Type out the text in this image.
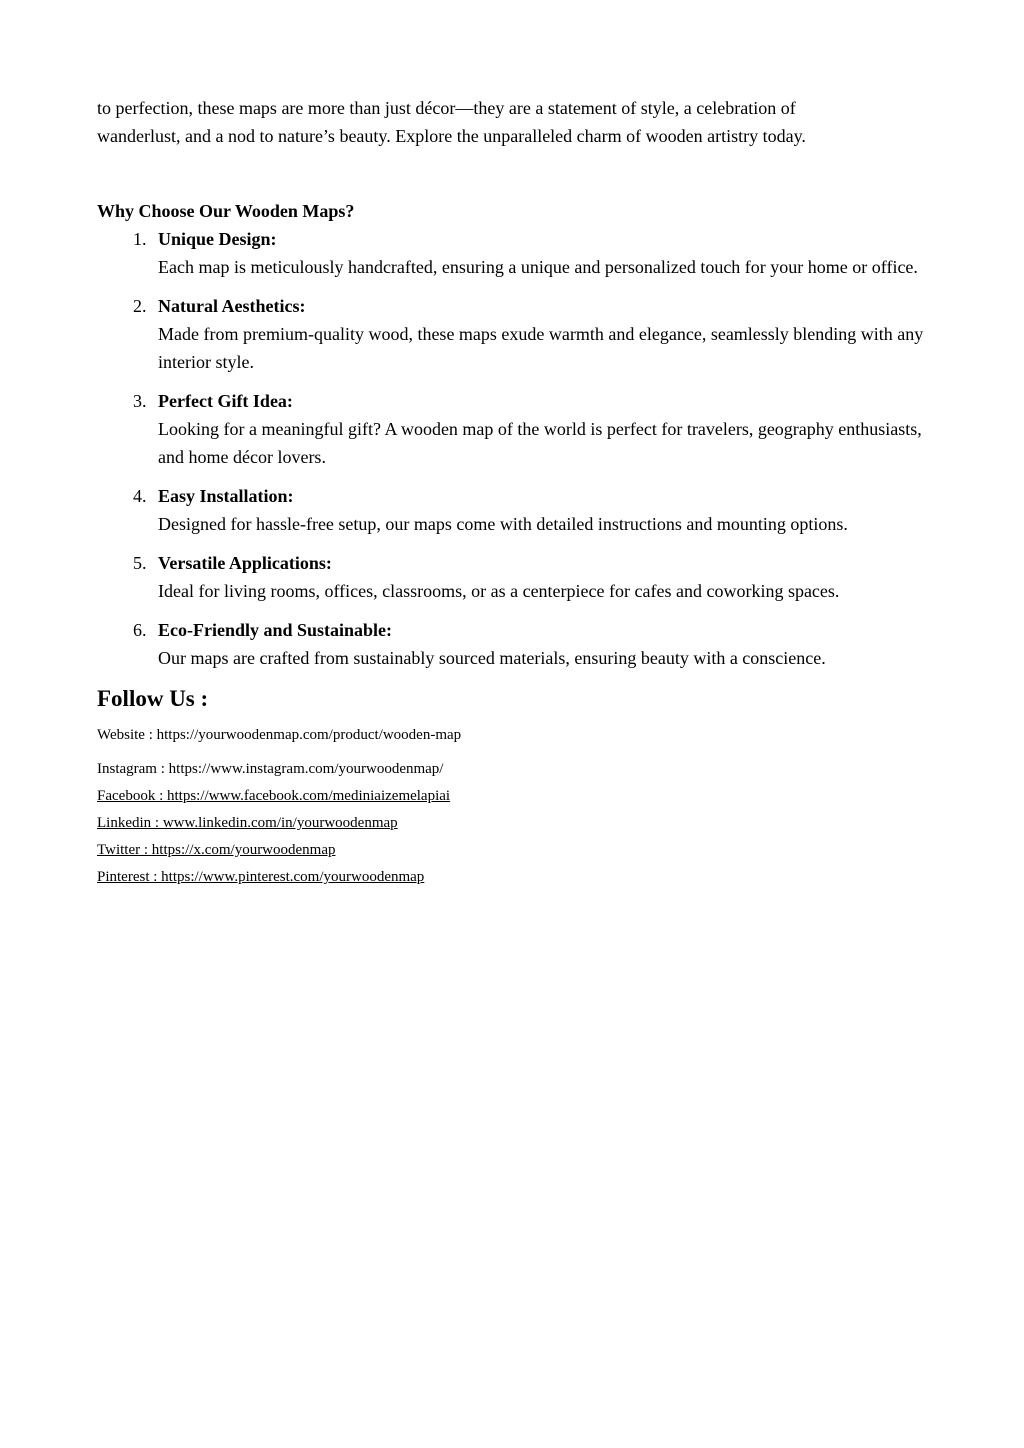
to perfection, these maps are more than just décor—they are a statement of style, a celebration of
wanderlust, and a nod to nature’s beauty. Explore the unparalleled charm of wooden artistry today.

Why Choose Our Wooden Maps?
1. Unique Design:
Each map is meticulously handcrafted, ensuring a unique and personalized touch for your home or office.
2. Natural Aesthetics:
Made from premium-quality wood, these maps exude warmth and elegance, seamlessly blending with any interior style.
3. Perfect Gift Idea:
Looking for a meaningful gift? A wooden map of the world is perfect for travelers, geography enthusiasts, and home décor lovers.
4. Easy Installation:
Designed for hassle-free setup, our maps come with detailed instructions and mounting options.
5. Versatile Applications:
Ideal for living rooms, offices, classrooms, or as a centerpiece for cafes and coworking spaces.
6. Eco-Friendly and Sustainable:
Our maps are crafted from sustainably sourced materials, ensuring beauty with a conscience.
Follow Us :
Website : https://yourwoodenmap.com/product/wooden-map
Instagram : https://www.instagram.com/yourwoodenmap/
Facebook : https://www.facebook.com/mediniaizemelapiai
Linkedin : www.linkedin.com/in/yourwoodenmap
Twitter : https://x.com/yourwoodenmap
Pinterest : https://www.pinterest.com/yourwoodenmap
